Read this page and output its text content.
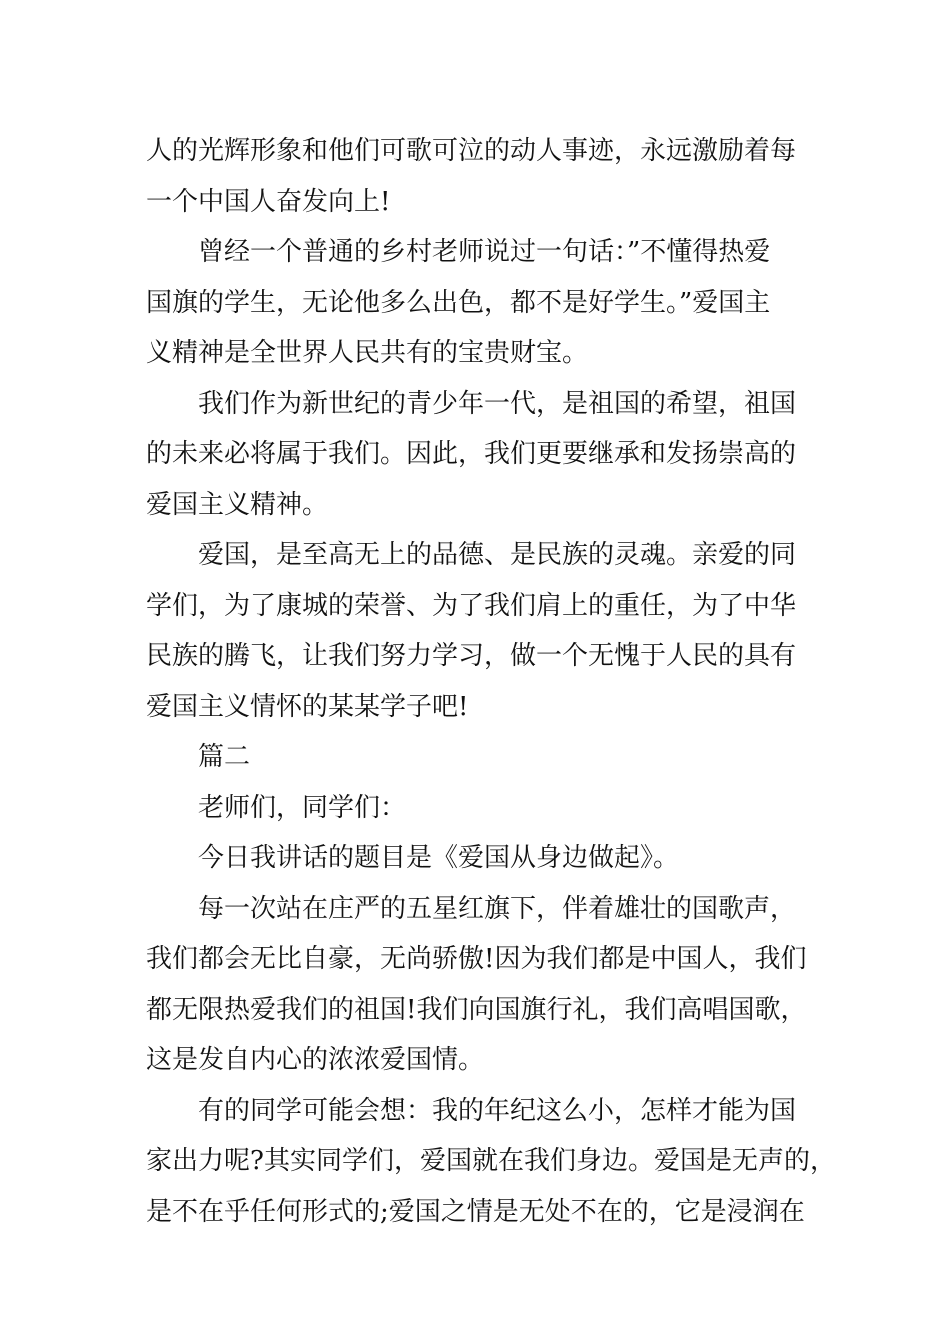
人的光辉形象和他们可歌可泣的动人事迹，永远激励着每
一个中国人奋发向上!
曾经一个普通的乡村老师说过一句话：”不懂得热爱
国旗的学生，无论他多么出色，都不是好学生。”爱国主
义精神是全世界人民共有的宝贵财宝。
我们作为新世纪的青少年一代，是祖国的希望，祖国
的未来必将属于我们。因此，我们更要继承和发扬崇高的
爱国主义精神。
爱国，是至高无上的品德、是民族的灵魂。亲爱的同
学们，为了康城的荣誉、为了我们肩上的重任，为了中华
民族的腾飞，让我们努力学习，做一个无愧于人民的具有
爱国主义情怀的某某学子吧!
篇二
老师们，同学们：
今日我讲话的题目是《爱国从身边做起》。
每一次站在庄严的五星红旗下，伴着雄壮的国歌声，
我们都会无比自豪，无尚骄傲!因为我们都是中国人，我们
都无限热爱我们的祖国!我们向国旗行礼，我们高唱国歌，
这是发自内心的浓浓爱国情。
有的同学可能会想：我的年纪这么小，怎样才能为国
家出力呢?其实同学们，爱国就在我们身边。爱国是无声的，
是不在乎任何形式的;爱国之情是无处不在的，它是浸润在
